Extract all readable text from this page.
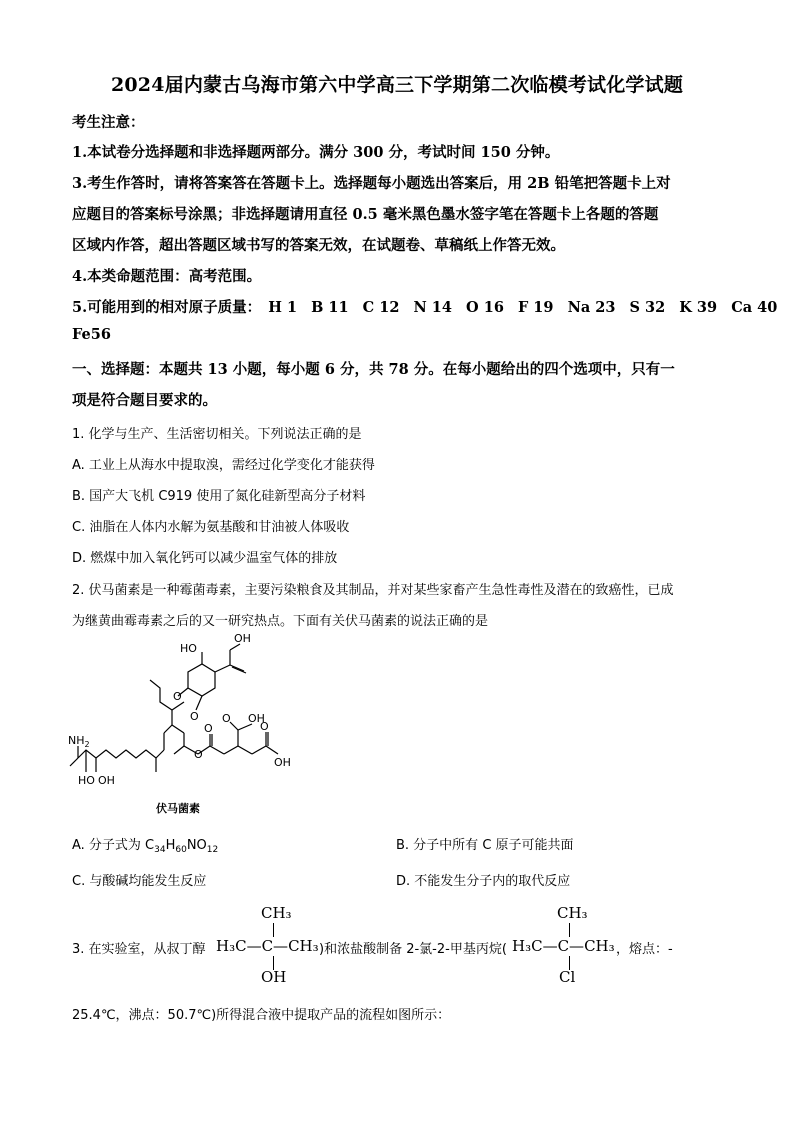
2024届内蒙古乌海市第六中学高三下学期第二次临模考试化学试题
考生注意：
1.本试卷分选择题和非选择题两部分。满分 300 分，考试时间 150 分钟。
3.考生作答时，请将答案答在答题卡上。选择题每小题选出答案后，用 2B 铅笔把答题卡上对
应题目的答案标号涂黑；非选择题请用直径 0.5 毫米黑色墨水签字笔在答题卡上各题的答题
区域内作答，超出答题区域书写的答案无效，在试题卷、草稿纸上作答无效。
4.本类命题范围：高考范围。
5.可能用到的相对原子质量： H 1 B 11 C 12 N 14 O 16 F 19 Na 23 S 32 K 39 Ca 40
Fe56
一、选择题：本题共 13 小题，每小题 6 分，共 78 分。在每小题给出的四个选项中，只有一
项是符合题目要求的。
1. 化学与生产、生活密切相关。下列说法正确的是
A. 工业上从海水中提取溴，需经过化学变化才能获得
B. 国产大飞机 C919 使用了氮化硅新型高分子材料
C. 油脂在人体内水解为氨基酸和甘油被人体吸收
D. 燃煤中加入氧化钙可以减少温室气体的排放
2. 伏马菌素是一种霉菌毒素，主要污染粮食及其制品，并对某些家畜产生急性毒性及潜在的致癌性，已成
为继黄曲霉毒素之后的又一研究热点。下面有关伏马菌素的说法正确的是
HO
OH
O
O	OH
O
O
O
OH
O
$NH_2$
HO OH
伏马菌素
A. 分子式为 $C_{34}H_{60}NO_{12}$	B. 分子中所有 C 原子可能共面
C. 与酸碱均能发生反应	D. 不能发生分子内的取代反应
3. 在实验室，从叔丁醇
CH₃
H₃C—C—CH₃
OH
)和浓盐酸制备 2-氯-2-甲基丙烷(
CH₃
H₃C—C—CH₃
Cl
，熔点：-
25.4℃，沸点：50.7℃)所得混合液中提取产品的流程如图所示：
